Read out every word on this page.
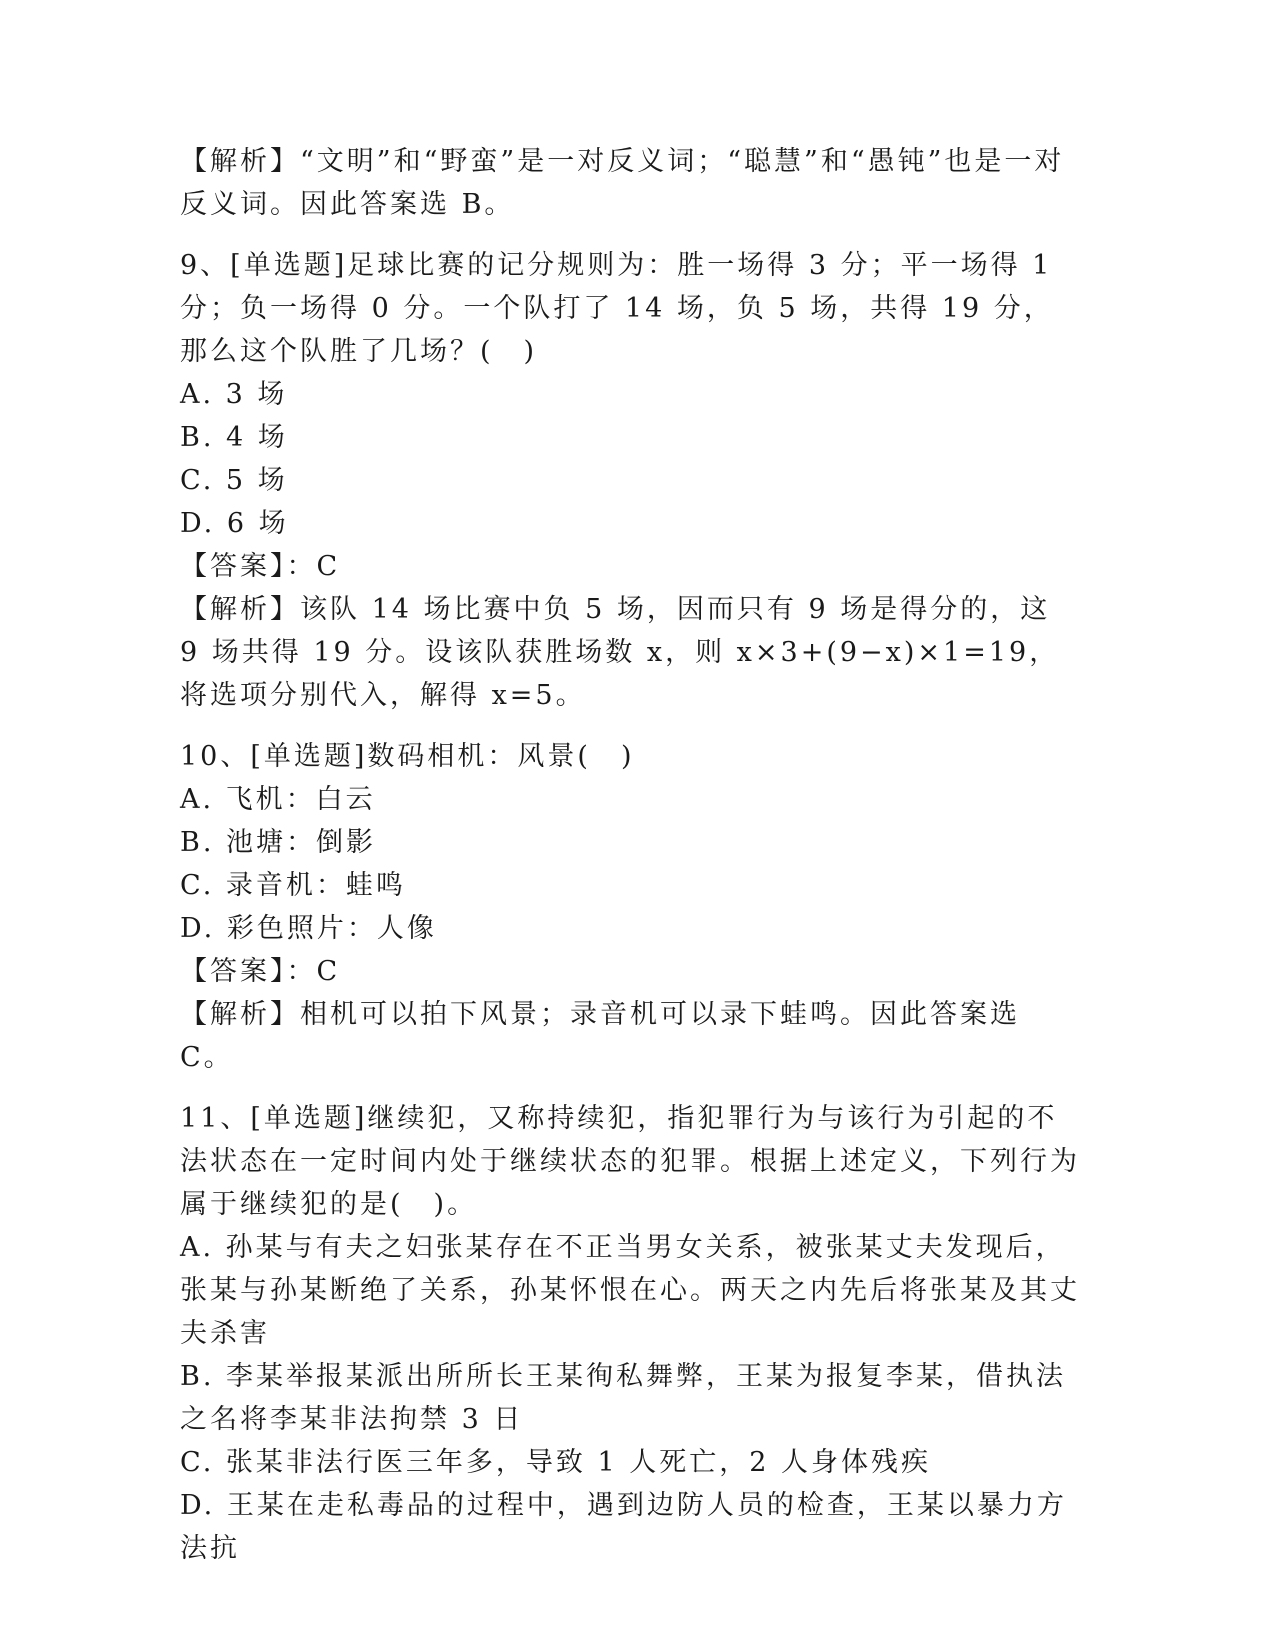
【解析】“文明”和“野蛮”是一对反义词；“聪慧”和“愚钝”也是一对反义词。因此答案选 B。

9、[单选题]足球比赛的记分规则为：胜一场得 3 分；平一场得 1 分；负一场得 0 分。一个队打了 14 场，负 5 场，共得 19 分，那么这个队胜了几场？(　)

A. 3 场
B. 4 场
C. 5 场
D. 6 场

【答案】：C

【解析】该队 14 场比赛中负 5 场，因而只有 9 场是得分的，这 9 场共得 19 分。设该队获胜场数 x，则 x×3+(9−x)×1=19，将选项分别代入，解得 x=5。

10、[单选题]数码相机：风景(　)

A. 飞机：白云
B. 池塘：倒影
C. 录音机：蛙鸣
D. 彩色照片：人像

【答案】：C

【解析】相机可以拍下风景；录音机可以录下蛙鸣。因此答案选 C。

11、[单选题]继续犯，又称持续犯，指犯罪行为与该行为引起的不法状态在一定时间内处于继续状态的犯罪。根据上述定义，下列行为属于继续犯的是(　)。

A. 孙某与有夫之妇张某存在不正当男女关系，被张某丈夫发现后，张某与孙某断绝了关系，孙某怀恨在心。两天之内先后将张某及其丈夫杀害

B. 李某举报某派出所所长王某徇私舞弊，王某为报复李某，借执法之名将李某非法拘禁 3 日

C. 张某非法行医三年多，导致 1 人死亡，2 人身体残疾

D. 王某在走私毒品的过程中，遇到边防人员的检查，王某以暴力方法抗
